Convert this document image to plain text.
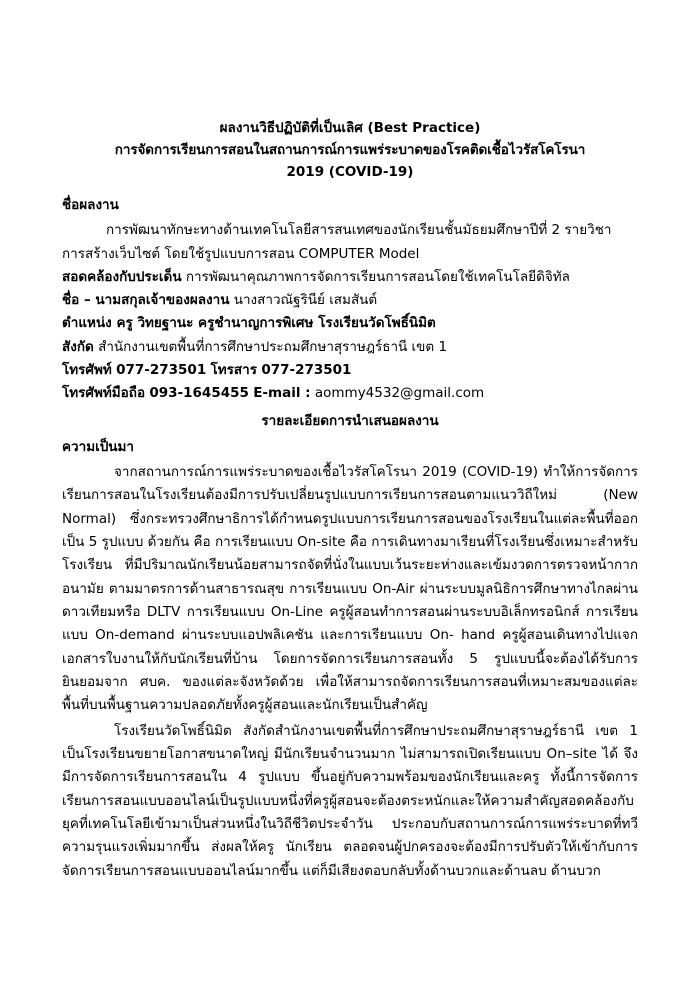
ผลงานวิธีปฏิบัติที่เป็นเลิศ (Best Practice)
การจัดการเรียนการสอนในสถานการณ์การแพร่ระบาดของโรคติดเชื้อไวรัสโคโรนา
2019 (COVID-19)
ชื่อผลงาน
การพัฒนาทักษะทางด้านเทคโนโลยีสารสนเทศของนักเรียนชั้นมัธยมศึกษาปีที่ 2 รายวิชา
การสร้างเว็บไซต์ โดยใช้รูปแบบการสอน COMPUTER Model
สอดคล้องกับประเด็น การพัฒนาคุณภาพการจัดการเรียนการสอนโดยใช้เทคโนโลยีดิจิทัล
ชื่อ – นามสกุลเจ้าของผลงาน นางสาวณัฐรินีย์ เสมสันต์
ตำแหน่ง ครู วิทยฐานะ ครูชำนาญการพิเศษ โรงเรียนวัดโพธิ์นิมิต
สังกัด สำนักงานเขตพื้นที่การศึกษาประถมศึกษาสุราษฎร์ธานี เขต 1
โทรศัพท์ 077-273501 โทรสาร 077-273501
โทรศัพท์มือถือ 093-1645455 E-mail : aommy4532@gmail.com
รายละเอียดการนำเสนอผลงาน
ความเป็นมา
จากสถานการณ์การแพร่ระบาดของเชื้อไวรัสโคโรนา 2019 (COVID-19) ทำให้การจัดการเรียนการสอนในโรงเรียนต้องมีการปรับเปลี่ยนรูปแบบการเรียนการสอนตามแนววิถีใหม่ (New Normal) ซึ่งกระทรวงศึกษาธิการได้กำหนดรูปแบบการเรียนการสอนของโรงเรียนในแต่ละพื้นที่ออกเป็น 5 รูปแบบ ด้วยกัน คือ การเรียนแบบ On-site คือ การเดินทางมาเรียนที่โรงเรียนซึ่งเหมาะสำหรับโรงเรียน ที่มีปริมาณนักเรียนน้อยสามารถจัดที่นั่งในแบบเว้นระยะห่างและเข้มงวดการตรวจหน้ากากอนามัย ตามมาตรการด้านสาธารณสุข การเรียนแบบ On-Air ผ่านระบบมูลนิธิการศึกษาทางไกลผ่านดาวเทียมหรือ DLTV การเรียนแบบ On-Line ครูผู้สอนทำการสอนผ่านระบบอิเล็กทรอนิกส์ การเรียนแบบ On-demand ผ่านระบบแอปพลิเคชัน และการเรียนแบบ On- hand ครูผู้สอนเดินทางไปแจกเอกสารใบงานให้กับนักเรียนที่บ้าน โดยการจัดการเรียนการสอนทั้ง 5 รูปแบบนี้จะต้องได้รับการยินยอมจาก ศบค. ของแต่ละจังหวัดด้วย เพื่อให้สามารถจัดการเรียนการสอนที่เหมาะสมของแต่ละพื้นที่บนพื้นฐานความปลอดภัยทั้งครูผู้สอนและนักเรียนเป็นสำคัญ
โรงเรียนวัดโพธิ์นิมิต สังกัดสำนักงานเขตพื้นที่การศึกษาประถมศึกษาสุราษฎร์ธานี เขต 1 เป็นโรงเรียนขยายโอกาสขนาดใหญ่ มีนักเรียนจำนวนมาก ไม่สามารถเปิดเรียนแบบ On–site ได้ จึงมีการจัดการเรียนการสอนใน 4 รูปแบบ ขึ้นอยู่กับความพร้อมของนักเรียนและครู ทั้งนี้การจัดการเรียนการสอนแบบออนไลน์เป็นรูปแบบหนึ่งที่ครูผู้สอนจะต้องตระหนักและให้ความสำคัญสอดคล้องกับยุคที่เทคโนโลยีเข้ามาเป็นส่วนหนึ่งในวิถีชีวิตประจำวัน ประกอบกับสถานการณ์การแพร่ระบาดที่ทวีความรุนแรงเพิ่มมากขึ้น ส่งผลให้ครู นักเรียน ตลอดจนผู้ปกครองจะต้องมีการปรับตัวให้เข้ากับการจัดการเรียนการสอนแบบออนไลน์มากขึ้น แต่ก็มีเสียงตอบกลับทั้งด้านบวกและด้านลบ ด้านบวก
